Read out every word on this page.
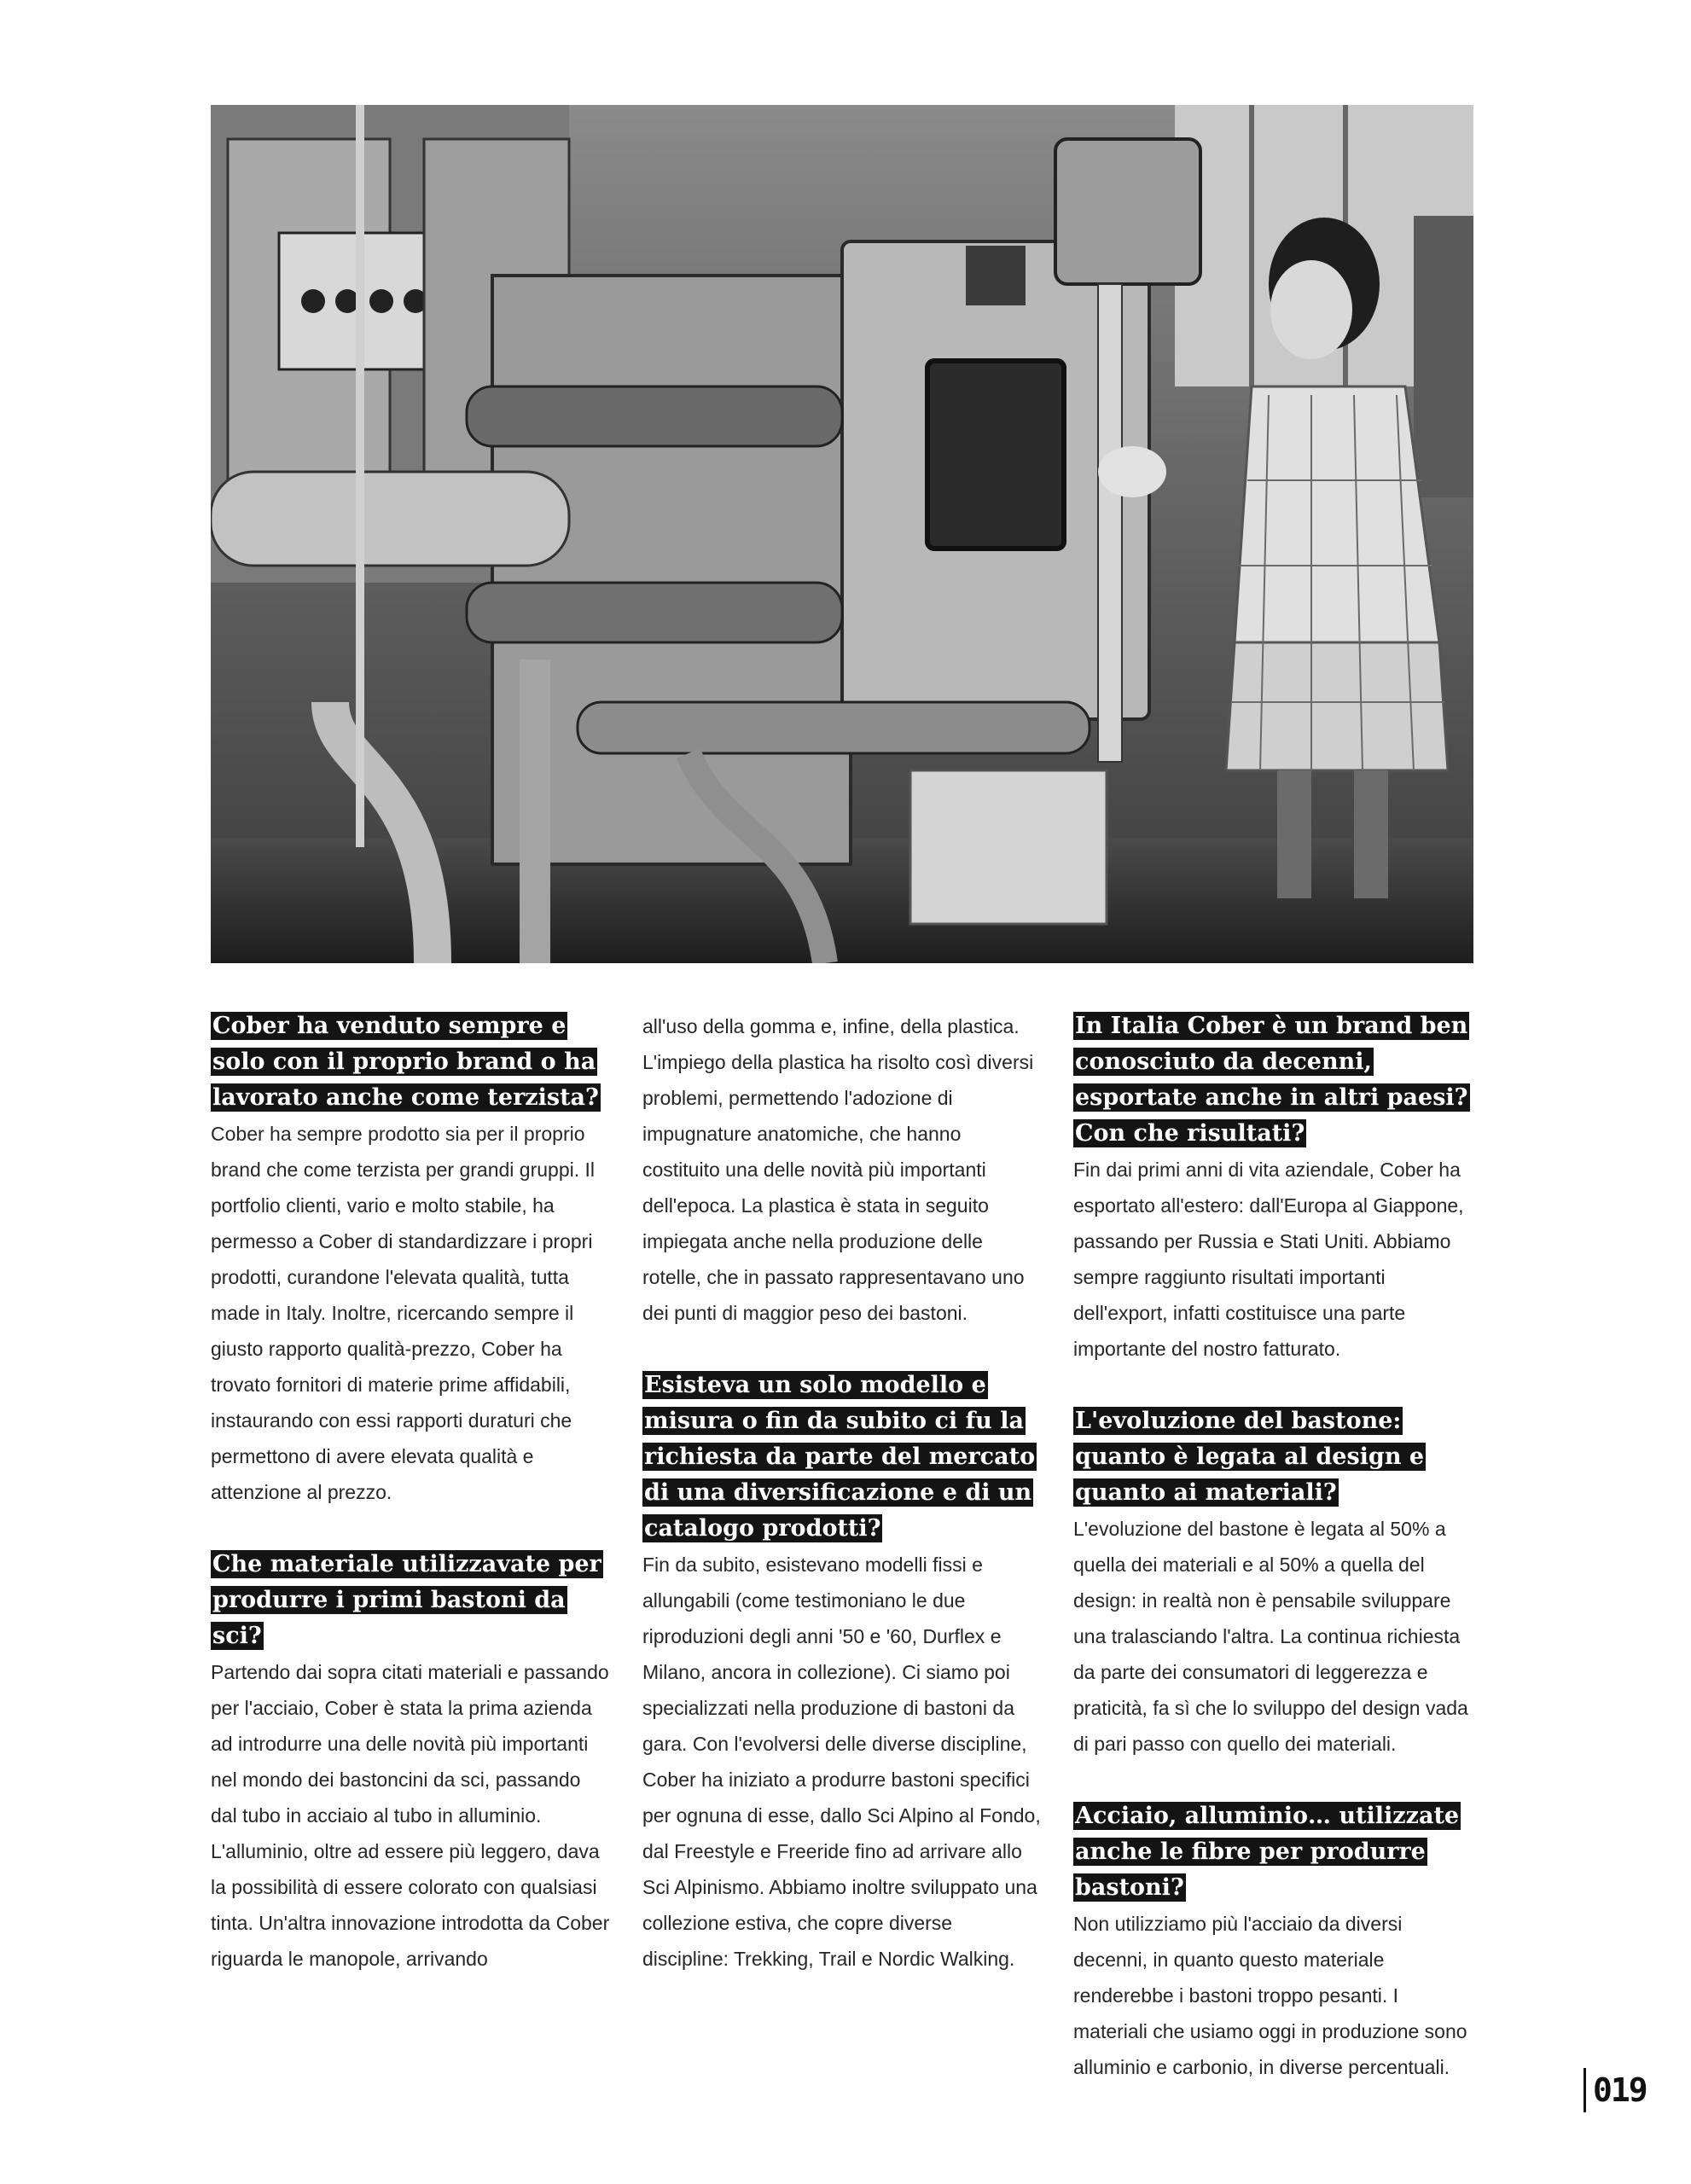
Cober ha venduto sempre e solo con il proprio brand o ha lavorato anche come terzista?

Cober ha sempre prodotto sia per il proprio brand che come terzista per grandi gruppi. Il portfolio clienti, vario e molto stabile, ha permesso a Cober di standardizzare i propri prodotti, curandone l'elevata qualità, tutta made in Italy. Inoltre, ricercando sempre il giusto rapporto qualità-prezzo, Cober ha trovato fornitori di materie prime affidabili, instaurando con essi rapporti duraturi che permettono di avere elevata qualità e attenzione al prezzo.

Che materiale utilizzavate per produrre i primi bastoni da sci?

Partendo dai sopra citati materiali e passando per l'acciaio, Cober è stata la prima azienda ad introdurre una delle novità più importanti nel mondo dei bastoncini da sci, passando dal tubo in acciaio al tubo in alluminio. L'alluminio, oltre ad essere più leggero, dava la possibilità di essere colorato con qualsiasi tinta. Un'altra innovazione introdotta da Cober riguarda le manopole, arrivando

all'uso della gomma e, infine, della plastica. L'impiego della plastica ha risolto così diversi problemi, permettendo l'adozione di impugnature anatomiche, che hanno costituito una delle novità più importanti dell'epoca. La plastica è stata in seguito impiegata anche nella produzione delle rotelle, che in passato rappresentavano uno dei punti di maggior peso dei bastoni.

Esisteva un solo modello e misura o fin da subito ci fu la richiesta da parte del mercato di una diversificazione e di un catalogo prodotti?

Fin da subito, esistevano modelli fissi e allungabili (come testimoniano le due riproduzioni degli anni '50 e '60, Durflex e Milano, ancora in collezione). Ci siamo poi specializzati nella produzione di bastoni da gara. Con l'evolversi delle diverse discipline, Cober ha iniziato a produrre bastoni specifici per ognuna di esse, dallo Sci Alpino al Fondo, dal Freestyle e Freeride fino ad arrivare allo Sci Alpinismo. Abbiamo inoltre sviluppato una collezione estiva, che copre diverse discipline: Trekking, Trail e Nordic Walking.

In Italia Cober è un brand ben conosciuto da decenni, esportate anche in altri paesi? Con che risultati?

Fin dai primi anni di vita aziendale, Cober ha esportato all'estero: dall'Europa al Giappone, passando per Russia e Stati Uniti. Abbiamo sempre raggiunto risultati importanti dell'export, infatti costituisce una parte importante del nostro fatturato.

L'evoluzione del bastone: quanto è legata al design e quanto ai materiali?

L'evoluzione del bastone è legata al 50% a quella dei materiali e al 50% a quella del design: in realtà non è pensabile sviluppare una tralasciando l'altra. La continua richiesta da parte dei consumatori di leggerezza e praticità, fa sì che lo sviluppo del design vada di pari passo con quello dei materiali.

Acciaio, alluminio… utilizzate anche le fibre per produrre bastoni?

Non utilizziamo più l'acciaio da diversi decenni, in quanto questo materiale renderebbe i bastoni troppo pesanti. I materiali che usiamo oggi in produzione sono alluminio e carbonio, in diverse percentuali.

019
